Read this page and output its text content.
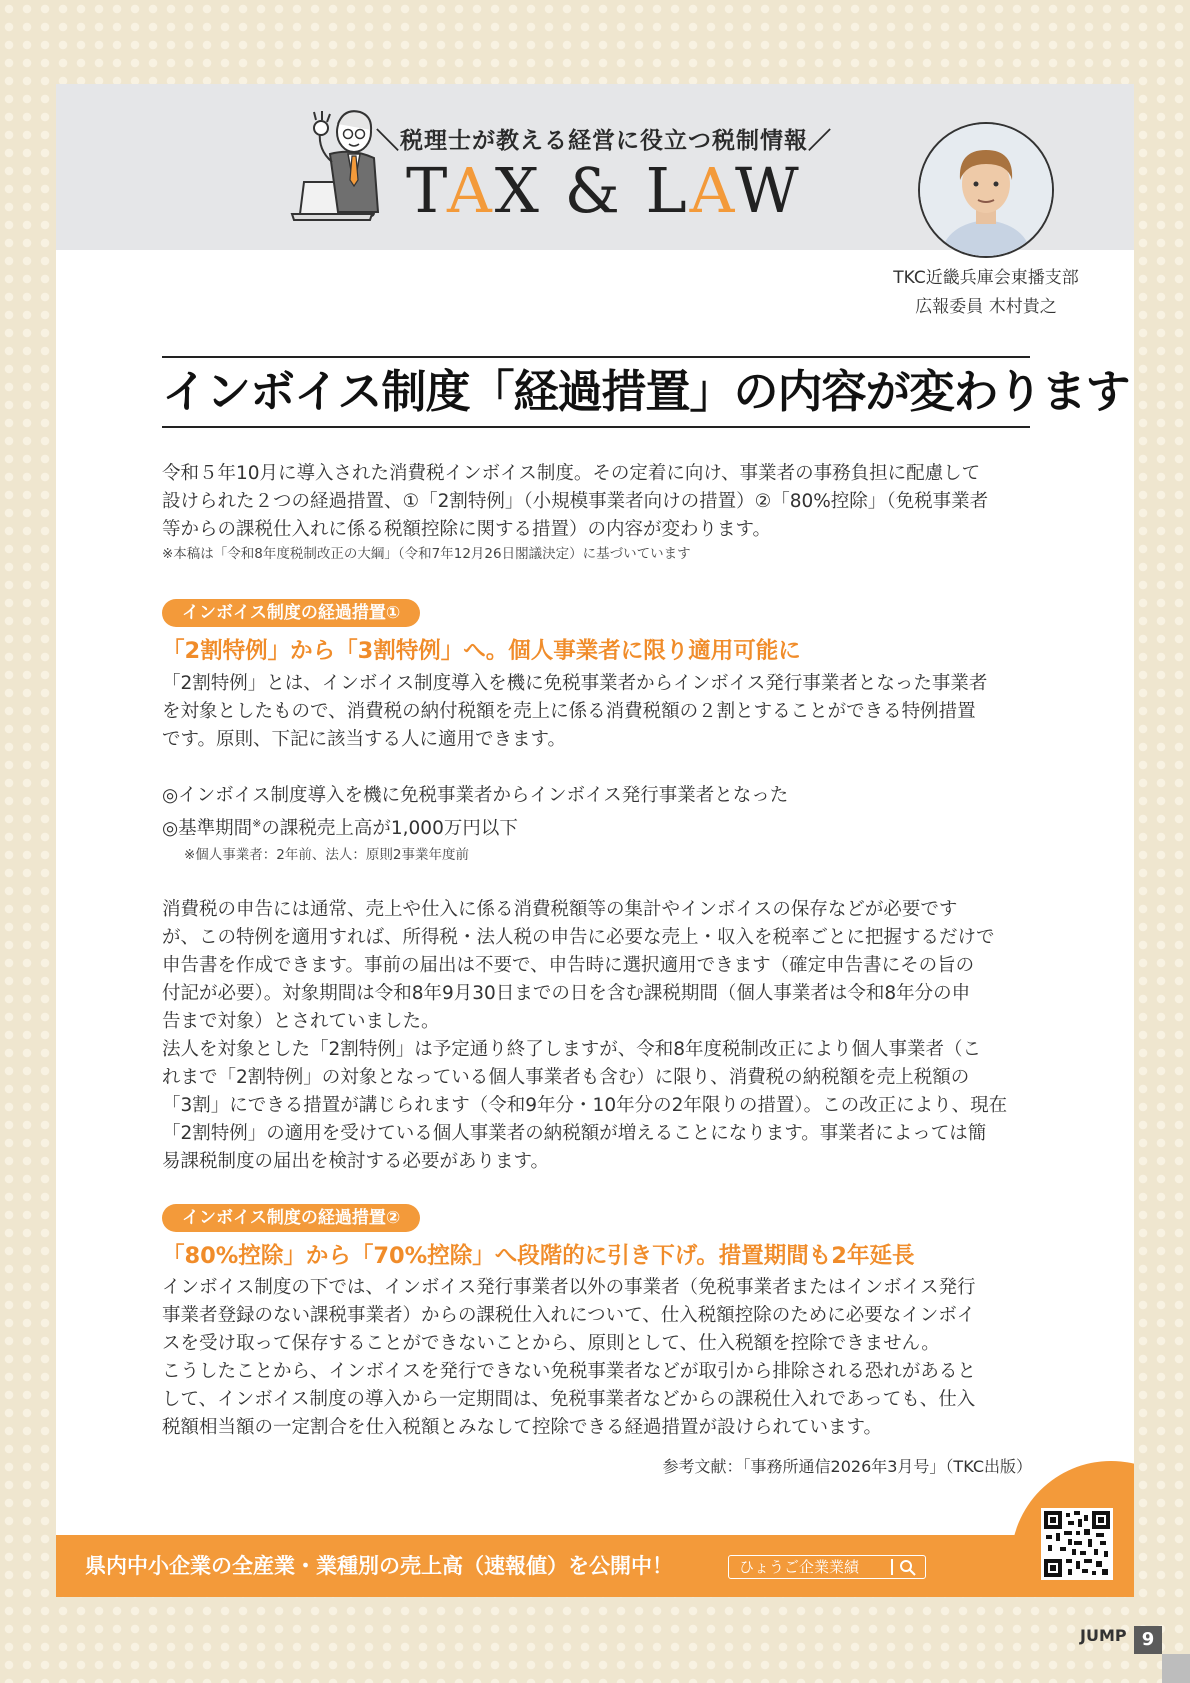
＼税理士が教える経営に役立つ税制情報／
TAX & LAW
TKC近畿兵庫会東播支部
広報委員 木村貴之
インボイス制度「経過措置」の内容が変わります
令和５年10月に導入された消費税インボイス制度。その定着に向け、事業者の事務負担に配慮して
設けられた２つの経過措置、①「2割特例」（小規模事業者向けの措置）②「80%控除」（免税事業者
等からの課税仕入れに係る税額控除に関する措置）の内容が変わります。
※本稿は「令和8年度税制改正の大綱」（令和7年12月26日閣議決定）に基づいています
インボイス制度の経過措置①
「2割特例」から「3割特例」へ。個人事業者に限り適用可能に
「2割特例」とは、インボイス制度導入を機に免税事業者からインボイス発行事業者となった事業者
を対象としたもので、消費税の納付税額を売上に係る消費税額の２割とすることができる特例措置
です。原則、下記に該当する人に適用できます。
◎インボイス制度導入を機に免税事業者からインボイス発行事業者となった
◎基準期間※の課税売上高が1,000万円以下
※個人事業者：2年前、法人：原則2事業年度前
消費税の申告には通常、売上や仕入に係る消費税額等の集計やインボイスの保存などが必要です
が、この特例を適用すれば、所得税・法人税の申告に必要な売上・収入を税率ごとに把握するだけで
申告書を作成できます。事前の届出は不要で、申告時に選択適用できます（確定申告書にその旨の
付記が必要）。対象期間は令和8年9月30日までの日を含む課税期間（個人事業者は令和8年分の申
告まで対象）とされていました。
法人を対象とした「2割特例」は予定通り終了しますが、令和8年度税制改正により個人事業者（こ
れまで「2割特例」の対象となっている個人事業者も含む）に限り、消費税の納税額を売上税額の
「3割」にできる措置が講じられます（令和9年分・10年分の2年限りの措置）。この改正により、現在
「2割特例」の適用を受けている個人事業者の納税額が増えることになります。事業者によっては簡
易課税制度の届出を検討する必要があります。
インボイス制度の経過措置②
「80%控除」から「70%控除」へ段階的に引き下げ。措置期間も2年延長
インボイス制度の下では、インボイス発行事業者以外の事業者（免税事業者またはインボイス発行
事業者登録のない課税事業者）からの課税仕入れについて、仕入税額控除のために必要なインボイ
スを受け取って保存することができないことから、原則として、仕入税額を控除できません。
こうしたことから、インボイスを発行できない免税事業者などが取引から排除される恐れがあると
して、インボイス制度の導入から一定期間は、免税事業者などからの課税仕入れであっても、仕入
税額相当額の一定割合を仕入税額とみなして控除できる経過措置が設けられています。
参考文献：「事務所通信2026年3月号」（TKC出版）
県内中小企業の全産業・業種別の売上高（速報値）を公開中！	ひょうご企業業績
JUMP 9
